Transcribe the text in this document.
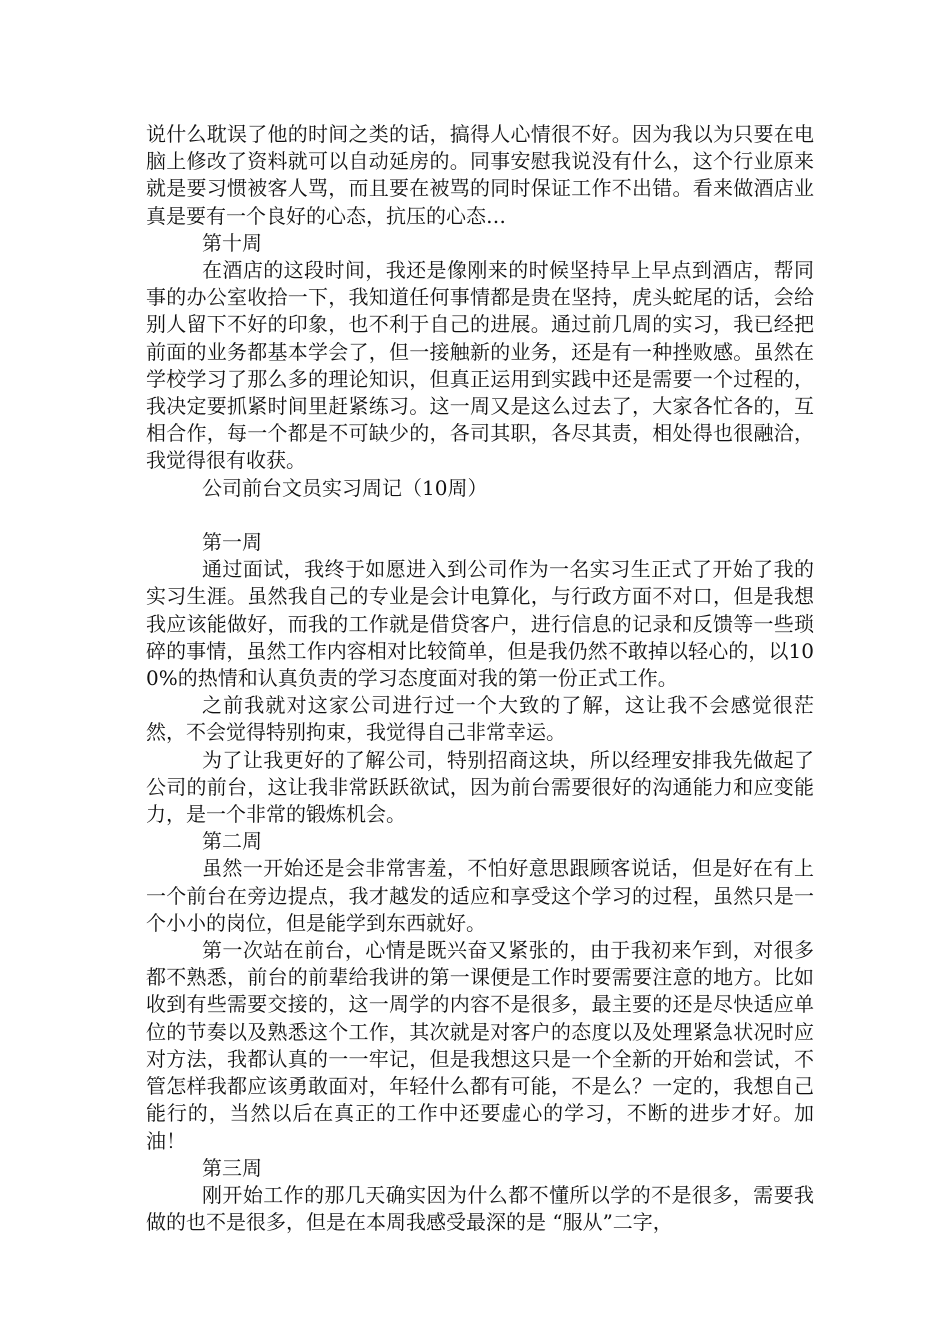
说什么耽误了他的时间之类的话，搞得人心情很不好。因为我以为只要在电脑上修改了资料就可以自动延房的。同事安慰我说没有什么，这个行业原来就是要习惯被客人骂，而且要在被骂的同时保证工作不出错。看来做酒店业真是要有一个良好的心态，抗压的心态…

第十周

在酒店的这段时间，我还是像刚来的时候坚持早上早点到酒店，帮同事的办公室收拾一下，我知道任何事情都是贵在坚持，虎头蛇尾的话，会给别人留下不好的印象，也不利于自己的进展。通过前几周的实习，我已经把前面的业务都基本学会了，但一接触新的业务，还是有一种挫败感。虽然在学校学习了那么多的理论知识，但真正运用到实践中还是需要一个过程的，我决定要抓紧时间里赶紧练习。这一周又是这么过去了，大家各忙各的，互相合作，每一个都是不可缺少的，各司其职，各尽其责，相处得也很融洽，我觉得很有收获。

公司前台文员实习周记（10周）

第一周

通过面试，我终于如愿进入到公司作为一名实习生正式了开始了我的实习生涯。虽然我自己的专业是会计电算化，与行政方面不对口，但是我想我应该能做好，而我的工作就是借贷客户，进行信息的记录和反馈等一些琐碎的事情，虽然工作内容相对比较简单，但是我仍然不敢掉以轻心的，以100%的热情和认真负责的学习态度面对我的第一份正式工作。

之前我就对这家公司进行过一个大致的了解，这让我不会感觉很茫然，不会觉得特别拘束，我觉得自己非常幸运。

为了让我更好的了解公司，特别招商这块，所以经理安排我先做起了公司的前台，这让我非常跃跃欲试，因为前台需要很好的沟通能力和应变能力，是一个非常的锻炼机会。

第二周

虽然一开始还是会非常害羞，不怕好意思跟顾客说话，但是好在有上一个前台在旁边提点，我才越发的适应和享受这个学习的过程，虽然只是一个小小的岗位，但是能学到东西就好。

第一次站在前台，心情是既兴奋又紧张的，由于我初来乍到，对很多都不熟悉，前台的前辈给我讲的第一课便是工作时要需要注意的地方。比如收到有些需要交接的，这一周学的内容不是很多，最主要的还是尽快适应单位的节奏以及熟悉这个工作，其次就是对客户的态度以及处理紧急状况时应对方法，我都认真的一一牢记，但是我想这只是一个全新的开始和尝试，不管怎样我都应该勇敢面对，年轻什么都有可能，不是么？一定的，我想自己能行的，当然以后在真正的工作中还要虚心的学习，不断的进步才好。加油！

第三周

刚开始工作的那几天确实因为什么都不懂所以学的不是很多，需要我做的也不是很多，但是在本周我感受最深的是 “服从”二字，
